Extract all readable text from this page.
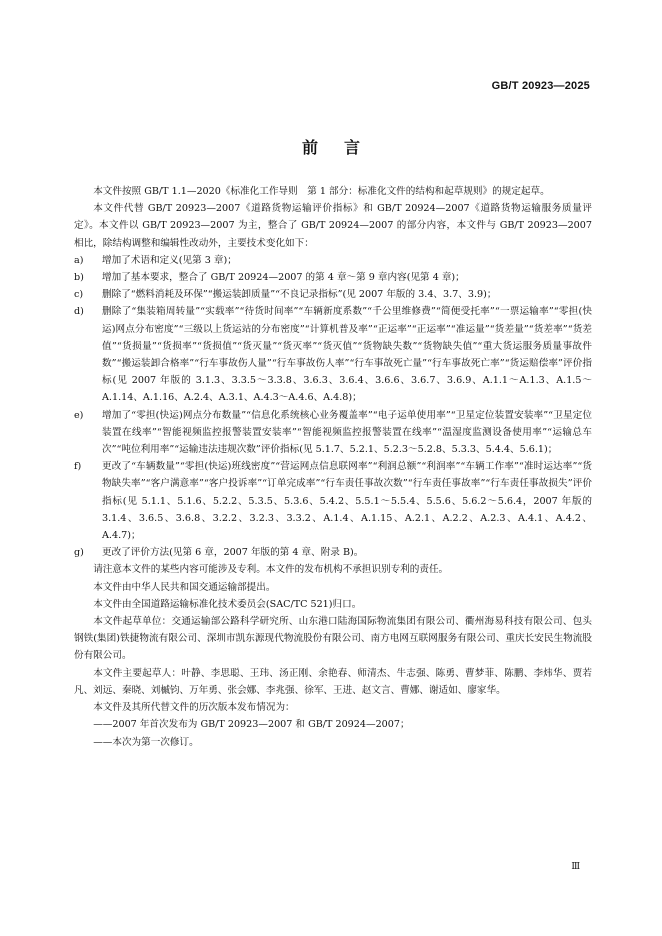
GB/T 20923—2025
前言

本文件按照 GB/T 1.1—2020《标准化工作导则　第 1 部分：标准化文件的结构和起草规则》的规定起草。

本文件代替 GB/T 20923—2007《道路货物运输评价指标》和 GB/T 20924—2007《道路货物运输服务质量评定》。本文件以 GB/T 20923—2007 为主，整合了 GB/T 20924—2007 的部分内容，本文件与 GB/T 20923—2007 相比，除结构调整和编辑性改动外，主要技术变化如下：

a)	增加了术语和定义(见第 3 章)；
b)	增加了基本要求，整合了 GB/T 20924—2007 的第 4 章～第 9 章内容(见第 4 章)；
c)	删除了“燃料消耗及环保”“搬运装卸质量”“不良记录指标”(见 2007 年版的 3.4、3.7、3.9)；
d)	删除了“集装箱周转量”“实载率”“待货时间率”“车辆新度系数”“千公里维修费”“简便受托率”“一票运输率”“零担(快运)网点分布密度”“三级以上货运站的分布密度”“计算机普及率”“正运率”“正运率”“准运量”“货差量”“货差率”“货差值”“货损量”“货损率”“货损值”“货灭量”“货灭率”“货灭值”“货物缺失数”“货物缺失值”“重大货运服务质量事故件数”“搬运装卸合格率”“行车事故伤人量”“行车事故伤人率”“行车事故死亡量”“行车事故死亡率”“货运赔偿率”评价指标(见 2007 年版的 3.1.3、3.3.5～3.3.8、3.6.3、3.6.4、3.6.6、3.6.7、3.6.9、A.1.1～A.1.3、A.1.5～A.1.14、A.1.16、A.2.4、A.3.1、A.4.3～A.4.6、A.4.8)；
e)	增加了“零担(快运)网点分布数量”“信息化系统核心业务覆盖率”“电子运单使用率”“卫星定位装置安装率”“卫星定位装置在线率”“智能视频监控报警装置安装率”“智能视频监控报警装置在线率”“温湿度监测设备使用率”“运输总车次”“吨位利用率”“运输违法违规次数”评价指标(见 5.1.7、5.2.1、5.2.3～5.2.8、5.3.3、5.4.4、5.6.1)；
f)	更改了“车辆数量”“零担(快运)班线密度”“营运网点信息联网率”“利润总额”“利润率”“车辆工作率”“准时运达率”“货物缺失率”“客户满意率”“客户投诉率”“订单完成率”“行车责任事故次数”“行车责任事故率”“行车责任事故损失”评价指标(见 5.1.1、5.1.6、5.2.2、5.3.5、5.3.6、5.4.2、5.5.1～5.5.4、5.5.6、5.6.2～5.6.4，2007 年版的 3.1.4、3.6.5、3.6.8、3.2.2、3.2.3、3.3.2、A.1.4、A.1.15、A.2.1、A.2.2、A.2.3、A.4.1、A.4.2、A.4.7)；
g)	更改了评价方法(见第 6 章，2007 年版的第 4 章、附录 B)。

请注意本文件的某些内容可能涉及专利。本文件的发布机构不承担识别专利的责任。

本文件由中华人民共和国交通运输部提出。

本文件由全国道路运输标准化技术委员会(SAC/TC 521)归口。

本文件起草单位：交通运输部公路科学研究所、山东港口陆海国际物流集团有限公司、衢州海易科技有限公司、包头钢铁(集团)铁捷物流有限公司、深圳市凯东源现代物流股份有限公司、南方电网互联网服务有限公司、重庆长安民生物流股份有限公司。

本文件主要起草人：叶静、李思聪、王玮、汤正刚、余艳春、师清杰、牛志强、陈勇、曹梦菲、陈鹏、李炜华、贾若凡、刘远、秦晓、刘槭钧、万年勇、张会娜、李兆强、徐军、王进、赵文言、曹娜、谢适如、廖家华。

本文件及其所代替文件的历次版本发布情况为：

——2007 年首次发布为 GB/T 20923—2007 和 GB/T 20924—2007；

——本次为第一次修订。

Ⅲ
